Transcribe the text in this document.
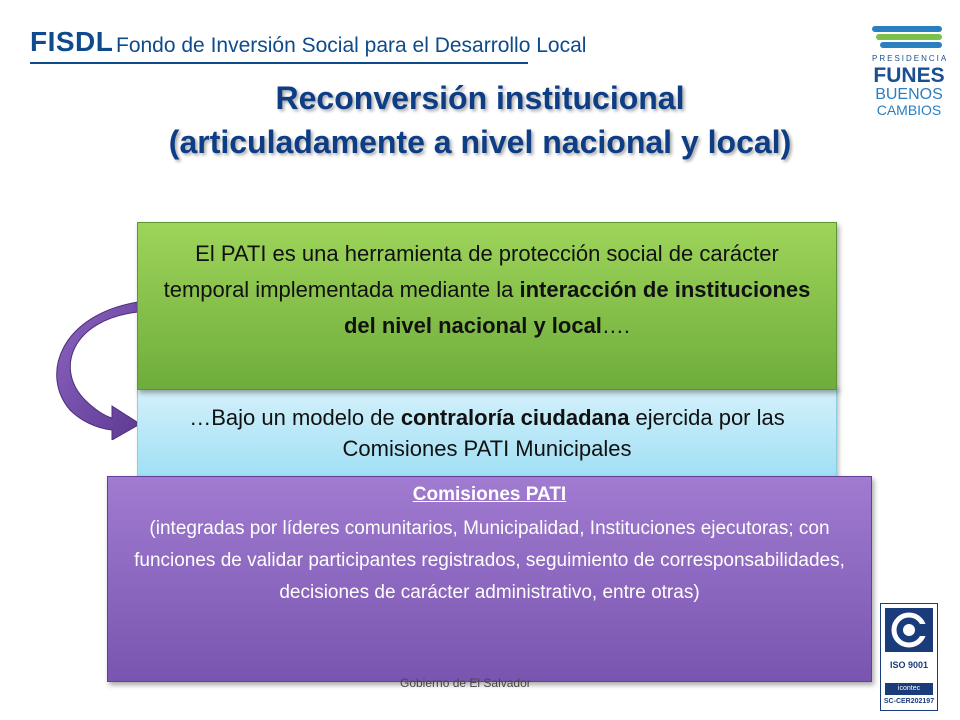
FISDL Fondo de Inversión Social para el Desarrollo Local
PRESIDENCIA
FUNES
BUENOS
CAMBIOS
Reconversión institucional
(articuladamente a nivel nacional y local)
…Bajo un modelo de contraloría ciudadana ejercida por las Comisiones PATI Municipales
El PATI es una herramienta de protección social de carácter temporal implementada mediante la interacción de instituciones del nivel nacional y local….
Comisiones PATI
(integradas por líderes comunitarios, Municipalidad, Instituciones ejecutoras; con funciones de validar participantes registrados, seguimiento de corresponsabilidades, decisiones de carácter administrativo, entre otras)
Gobierno de El Salvador
ISO 9001
icontec
SC-CER202197
